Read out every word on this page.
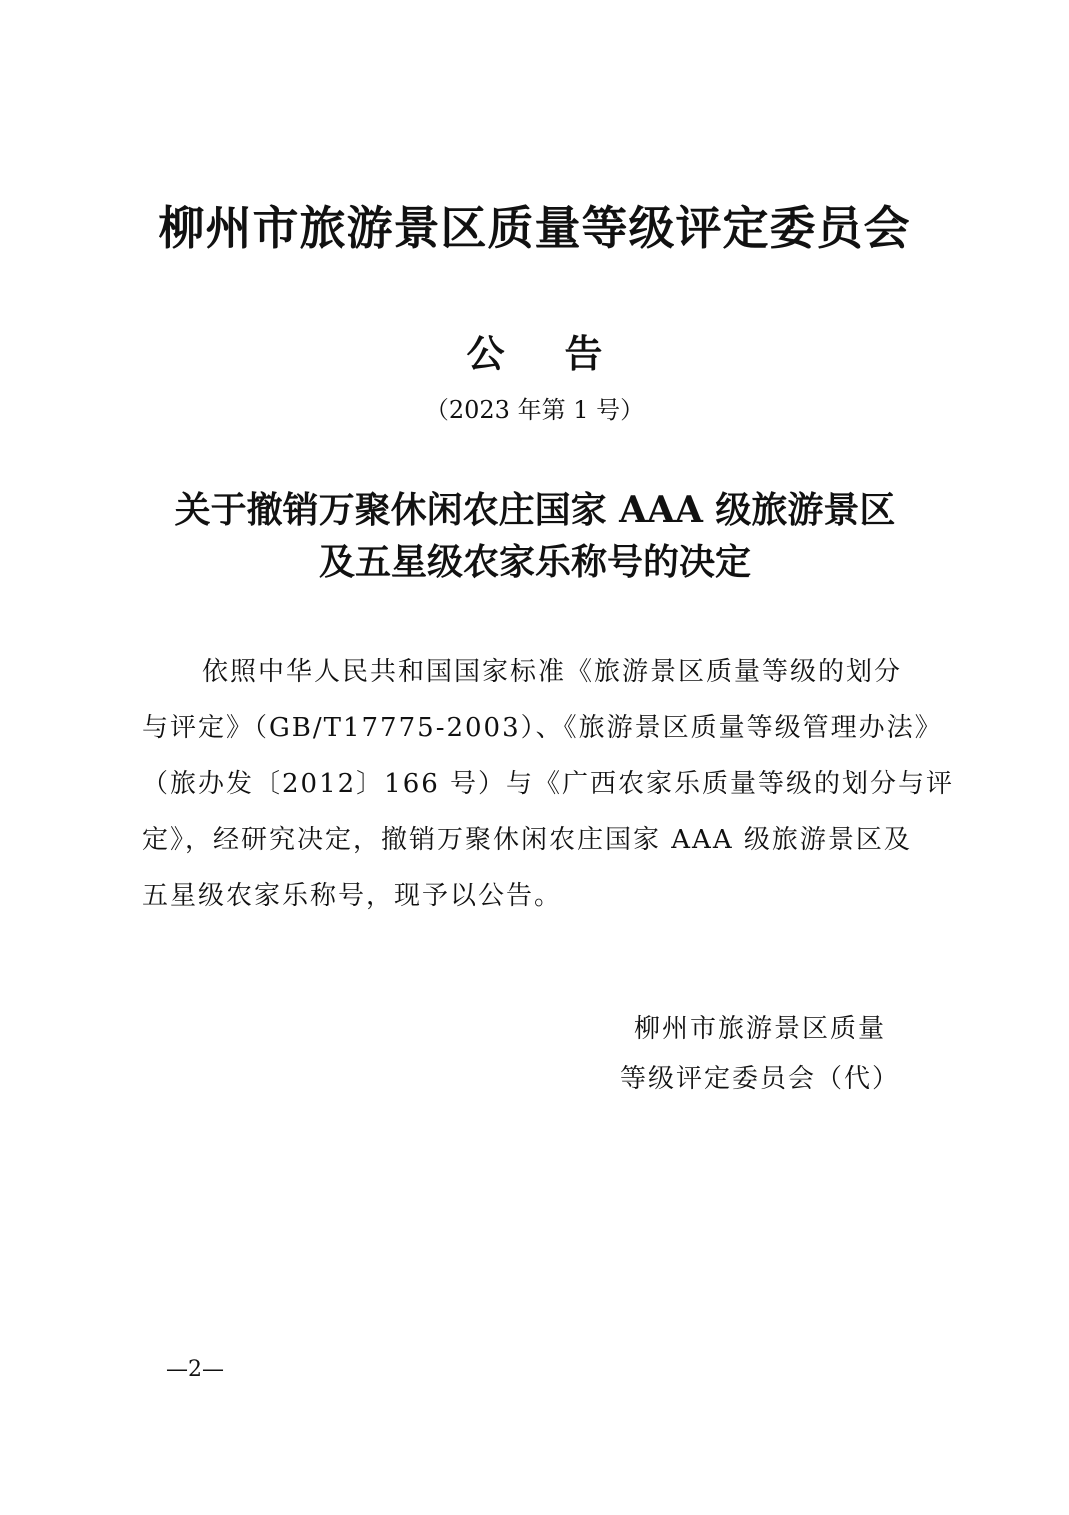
柳州市旅游景区质量等级评定委员会
公告
（2023 年第 1 号）
关于撤销万聚休闲农庄国家 AAA 级旅游景区
及五星级农家乐称号的决定
依照中华人民共和国国家标准《旅游景区质量等级的划分
与评定》（GB/T17775-2003）、《旅游景区质量等级管理办法》
（旅办发〔2012〕166 号）与《广西农家乐质量等级的划分与评
定》，经研究决定，撤销万聚休闲农庄国家 AAA 级旅游景区及
五星级农家乐称号，现予以公告。
柳州市旅游景区质量
等级评定委员会（代）
—2—
